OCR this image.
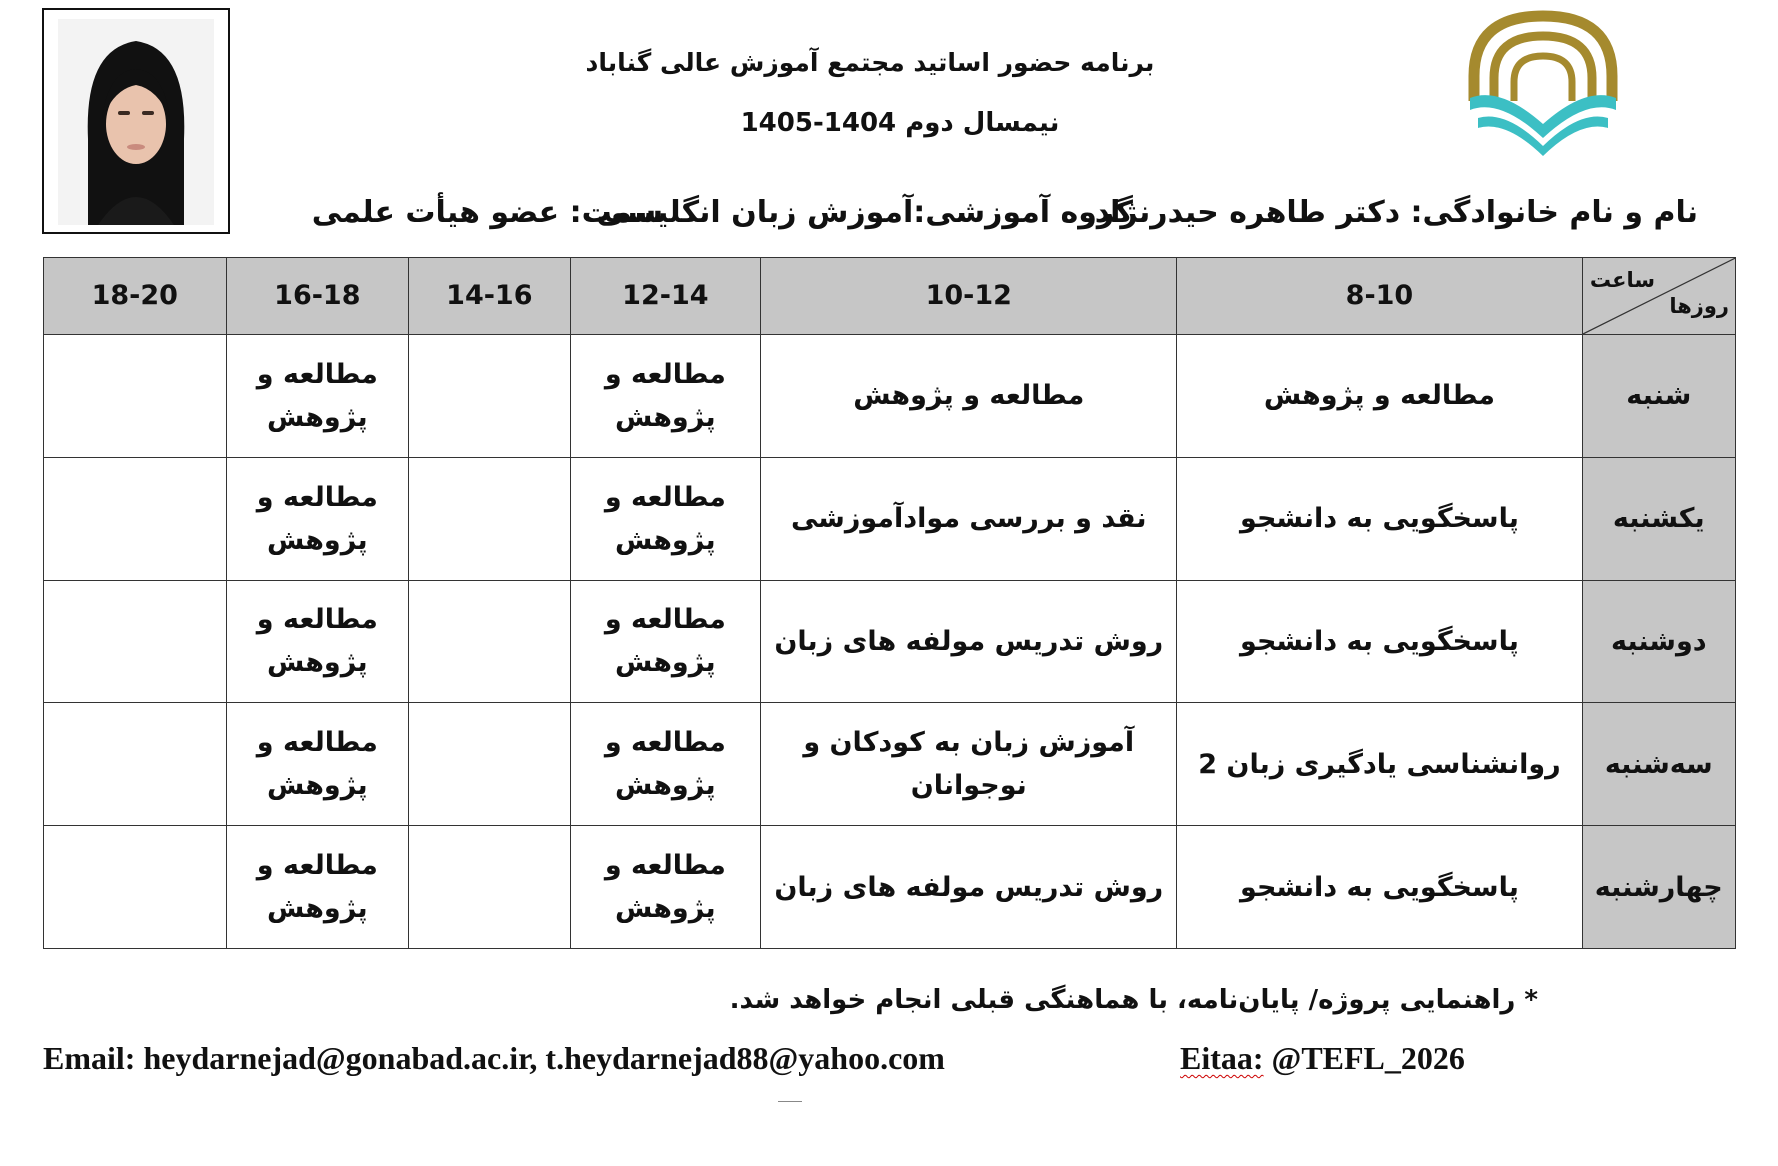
برنامه حضور اساتید مجتمع آموزش عالی گناباد
نیمسال دوم 1404-1405
نام و نام خانوادگی: دکتر طاهره حیدرنژاد
گروه آموزشی:آموزش زبان انگلیسی
سمت: عضو هیأت علمی
ساعت
روزها	8-10	10-12	12-14	14-16	16-18	18-20
شنبه	مطالعه و پژوهش	مطالعه و پژوهش	مطالعه و پژوهش		مطالعه و پژوهش	
یکشنبه	پاسخگویی به دانشجو	نقد و بررسی موادآموزشی	مطالعه و پژوهش		مطالعه و پژوهش	
دوشنبه	پاسخگویی به دانشجو	روش تدریس مولفه های زبان	مطالعه و پژوهش		مطالعه و پژوهش	
سه‌شنبه	روانشناسی یادگیری زبان 2	آموزش زبان به کودکان و نوجوانان	مطالعه و پژوهش		مطالعه و پژوهش	
چهارشنبه	پاسخگویی به دانشجو	روش تدریس مولفه های زبان	مطالعه و پژوهش		مطالعه و پژوهش	
* راهنمایی پروژه/ پایان‌نامه، با هماهنگی قبلی انجام خواهد شد.
Email: heydarnejad@gonabad.ac.ir, t.heydarnejad88@yahoo.com	Eitaa: @TEFL_2026
